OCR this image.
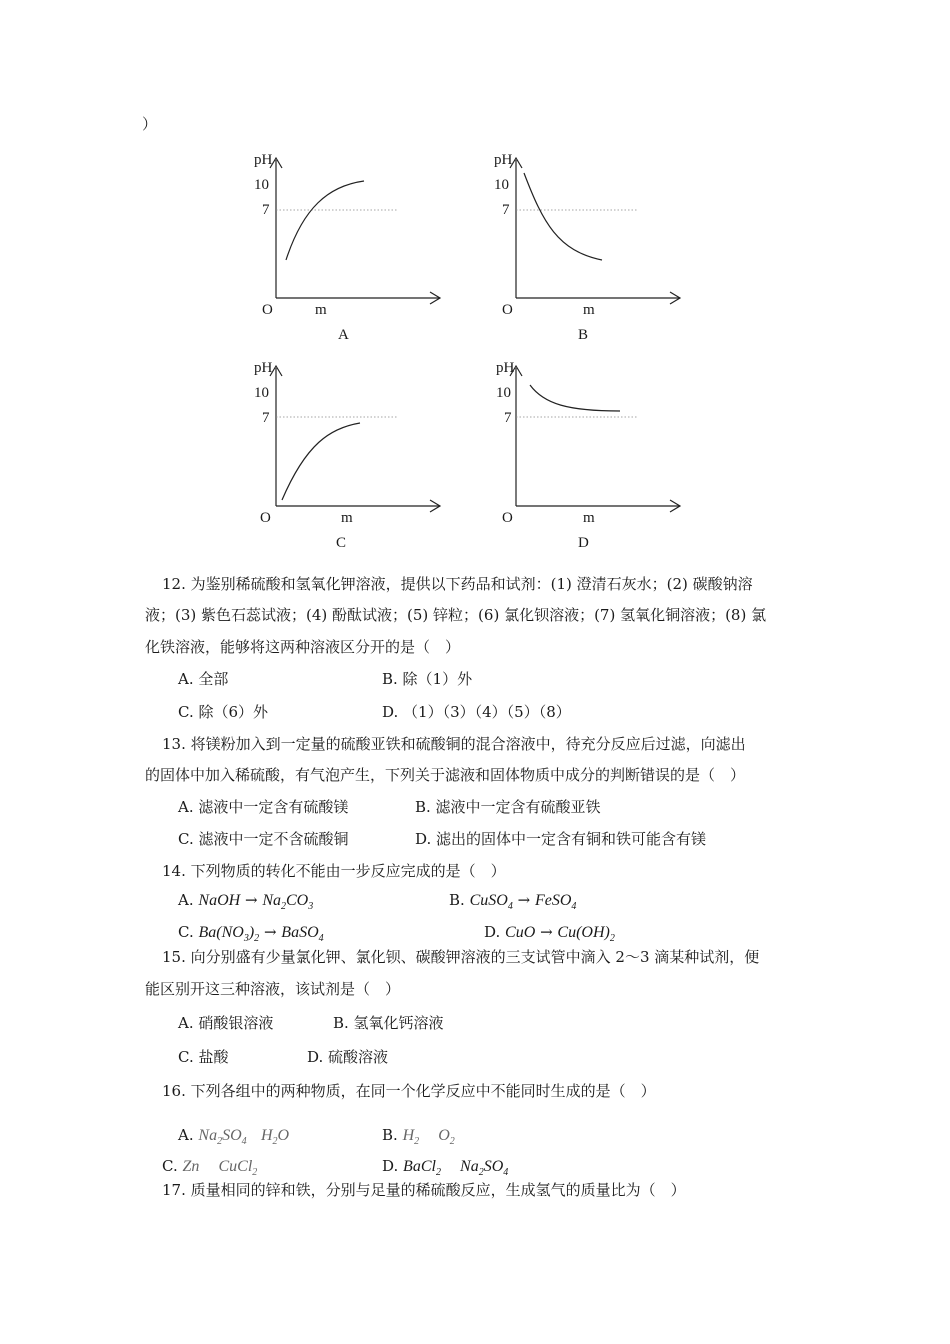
）
pH
10
7
O	m
A
pH
10
7
O	m
B
pH
10
7
O	m
C
pH
10
7
O	m
D
12. 为鉴别稀硫酸和氢氧化钾溶液，提供以下药品和试剂：(1) 澄清石灰水；(2) 碳酸钠溶
液；(3) 紫色石蕊试液；(4) 酚酞试液；(5) 锌粒；(6) 氯化钡溶液；(7) 氢氧化铜溶液；(8) 氯
化铁溶液，能够将这两种溶液区分开的是（　）
A. 全部	B. 除（1）外
C. 除（6）外	D. （1）（3）（4）（5）（8）
13. 将镁粉加入到一定量的硫酸亚铁和硫酸铜的混合溶液中，待充分反应后过滤，向滤出
的固体中加入稀硫酸，有气泡产生，下列关于滤液和固体物质中成分的判断错误的是（　）
A. 滤液中一定含有硫酸镁	B. 滤液中一定含有硫酸亚铁
C. 滤液中一定不含硫酸铜	D. 滤出的固体中一定含有铜和铁可能含有镁
14. 下列物质的转化不能由一步反应完成的是（　）
A. NaOH → $Na_2CO_3$	B. CuSO$_4$ → FeSO$_4$
C. $Ba(NO_3)_2$ → BaSO$_4$	D. CuO → $Cu(OH)_2$
15. 向分别盛有少量氯化钾、氯化钡、碳酸钾溶液的三支试管中滴入 2～3 滴某种试剂，便
能区别开这三种溶液，该试剂是（　）
A. 硝酸银溶液	B. 氢氧化钙溶液
C. 盐酸	D. 硫酸溶液
16. 下列各组中的两种物质，在同一个化学反应中不能同时生成的是（　）
A. $Na_2SO_4$ $H_2O$	B. $H_2$ $O_2$
C. Zn CuCl$_2$	D. BaCl$_2$ $Na_2SO_4$
17. 质量相同的锌和铁，分别与足量的稀硫酸反应，生成氢气的质量比为（　）
